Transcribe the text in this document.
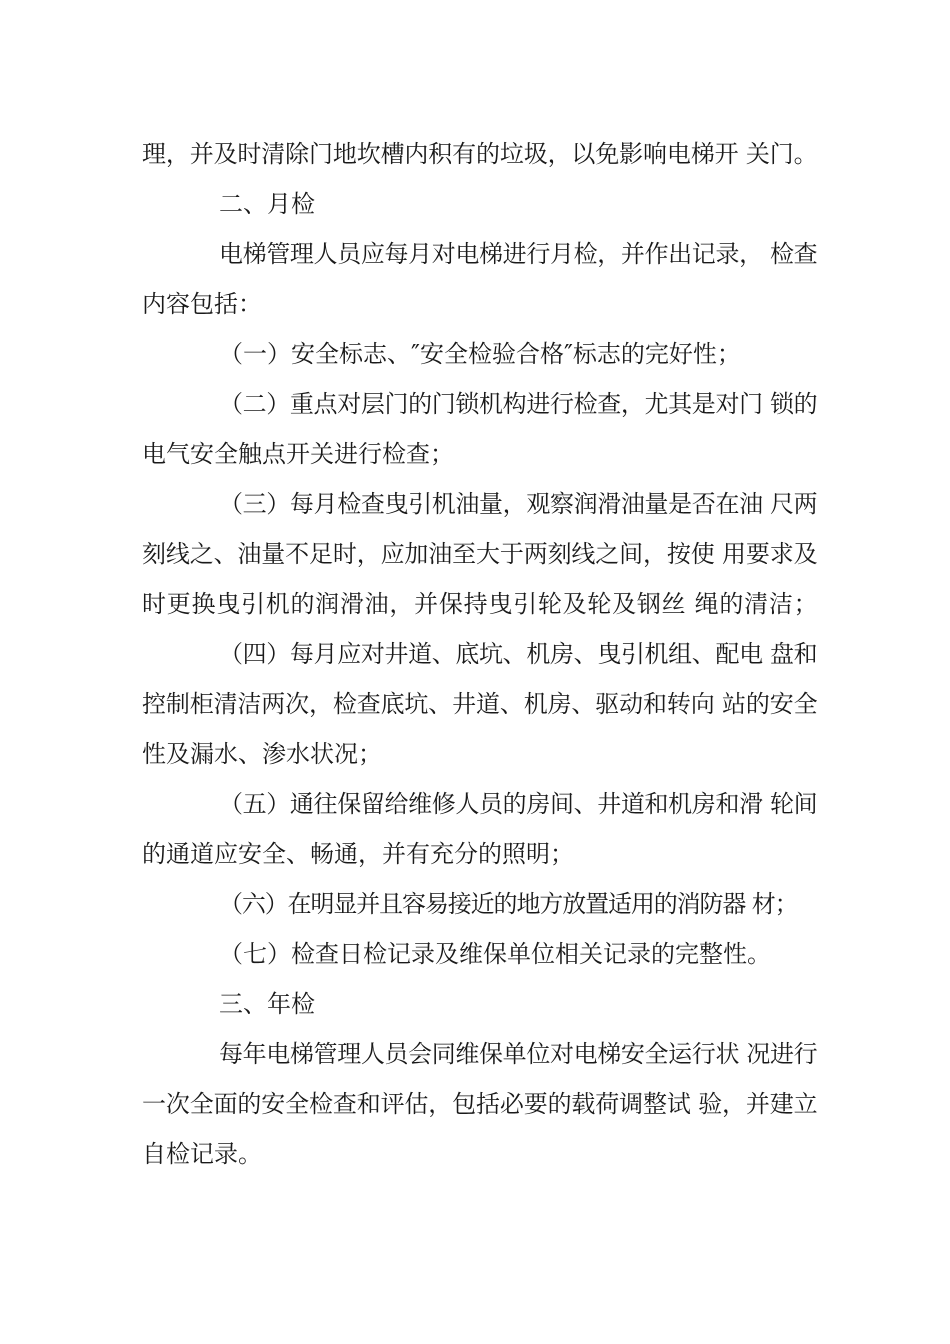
理，并及时清除门地坎槽内积有的垃圾，以免影响电梯开 关门。
二、月检
电梯管理人员应每月对电梯进行月检，并作出记录， 检查
内容包括：
（一）安全标志、″安全检验合格″标志的完好性；
（二）重点对层门的门锁机构进行检查，尤其是对门 锁的
电气安全触点开关进行检查；
（三）每月检查曳引机油量，观察润滑油量是否在油 尺两
刻线之、油量不足时，应加油至大于两刻线之间，按使 用要求及
时更换曳引机的润滑油，并保持曳引轮及轮及钢丝 绳的清洁；
（四）每月应对井道、底坑、机房、曳引机组、配电 盘和
控制柜清洁两次，检查底坑、井道、机房、驱动和转向 站的安全
性及漏水、渗水状况；
（五）通往保留给维修人员的房间、井道和机房和滑 轮间
的通道应安全、畅通，并有充分的照明；
（六）在明显并且容易接近的地方放置适用的消防器 材；
（七）检查日检记录及维保单位相关记录的完整性。
三、年检
每年电梯管理人员会同维保单位对电梯安全运行状 况进行
一次全面的安全检查和评估，包括必要的载荷调整试 验，并建立
自检记录。
